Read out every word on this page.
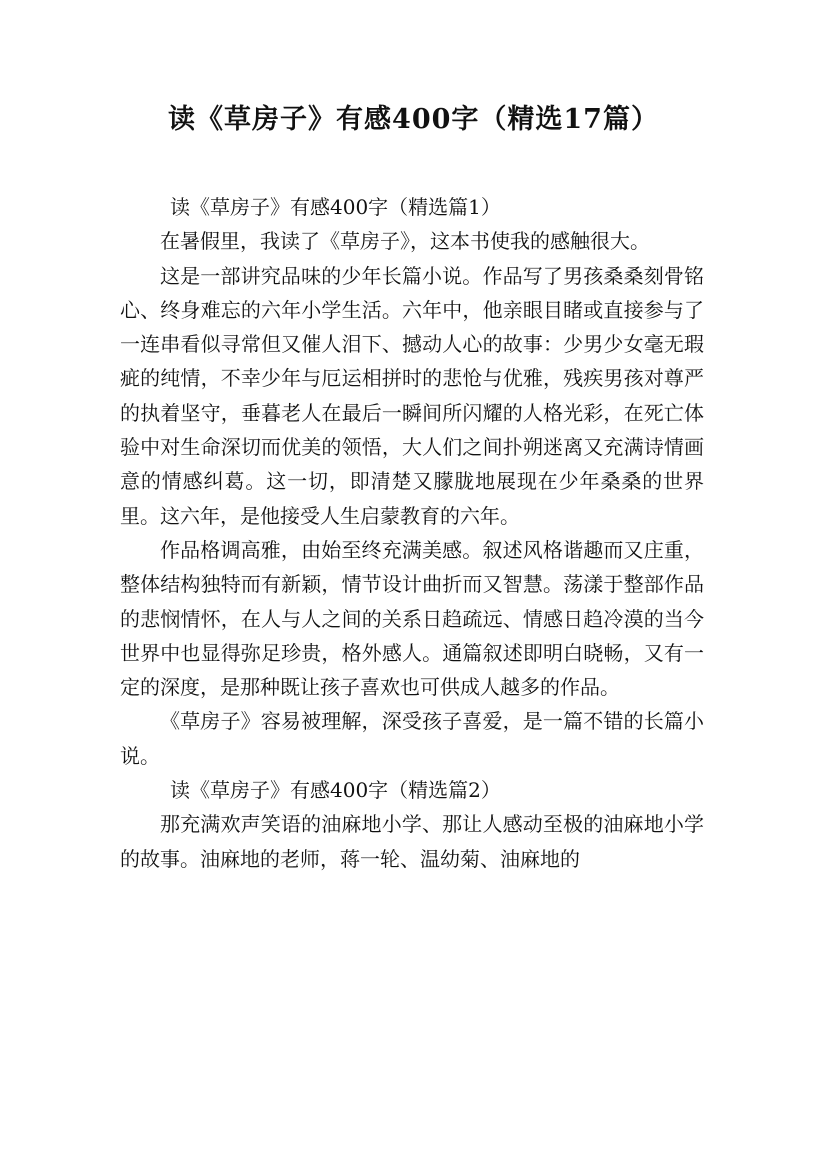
读《草房子》有感400字（精选17篇）

读《草房子》有感400字（精选篇1）

在暑假里，我读了《草房子》，这本书使我的感触很大。

这是一部讲究品味的少年长篇小说。作品写了男孩桑桑刻骨铭心、终身难忘的六年小学生活。六年中，他亲眼目睹或直接参与了一连串看似寻常但又催人泪下、撼动人心的故事：少男少女毫无瑕疵的纯情，不幸少年与厄运相拼时的悲怆与优雅，残疾男孩对尊严的执着坚守，垂暮老人在最后一瞬间所闪耀的人格光彩，在死亡体验中对生命深切而优美的领悟，大人们之间扑朔迷离又充满诗情画意的情感纠葛。这一切，即清楚又朦胧地展现在少年桑桑的世界里。这六年，是他接受人生启蒙教育的六年。

作品格调高雅，由始至终充满美感。叙述风格谐趣而又庄重，整体结构独特而有新颖，情节设计曲折而又智慧。荡漾于整部作品的悲悯情怀，在人与人之间的关系日趋疏远、情感日趋冷漠的当今世界中也显得弥足珍贵，格外感人。通篇叙述即明白晓畅，又有一定的深度，是那种既让孩子喜欢也可供成人越多的作品。

《草房子》容易被理解，深受孩子喜爱，是一篇不错的长篇小说。

读《草房子》有感400字（精选篇2）

那充满欢声笑语的油麻地小学、那让人感动至极的油麻地小学的故事。油麻地的老师，蒋一轮、温幼菊、油麻地的
